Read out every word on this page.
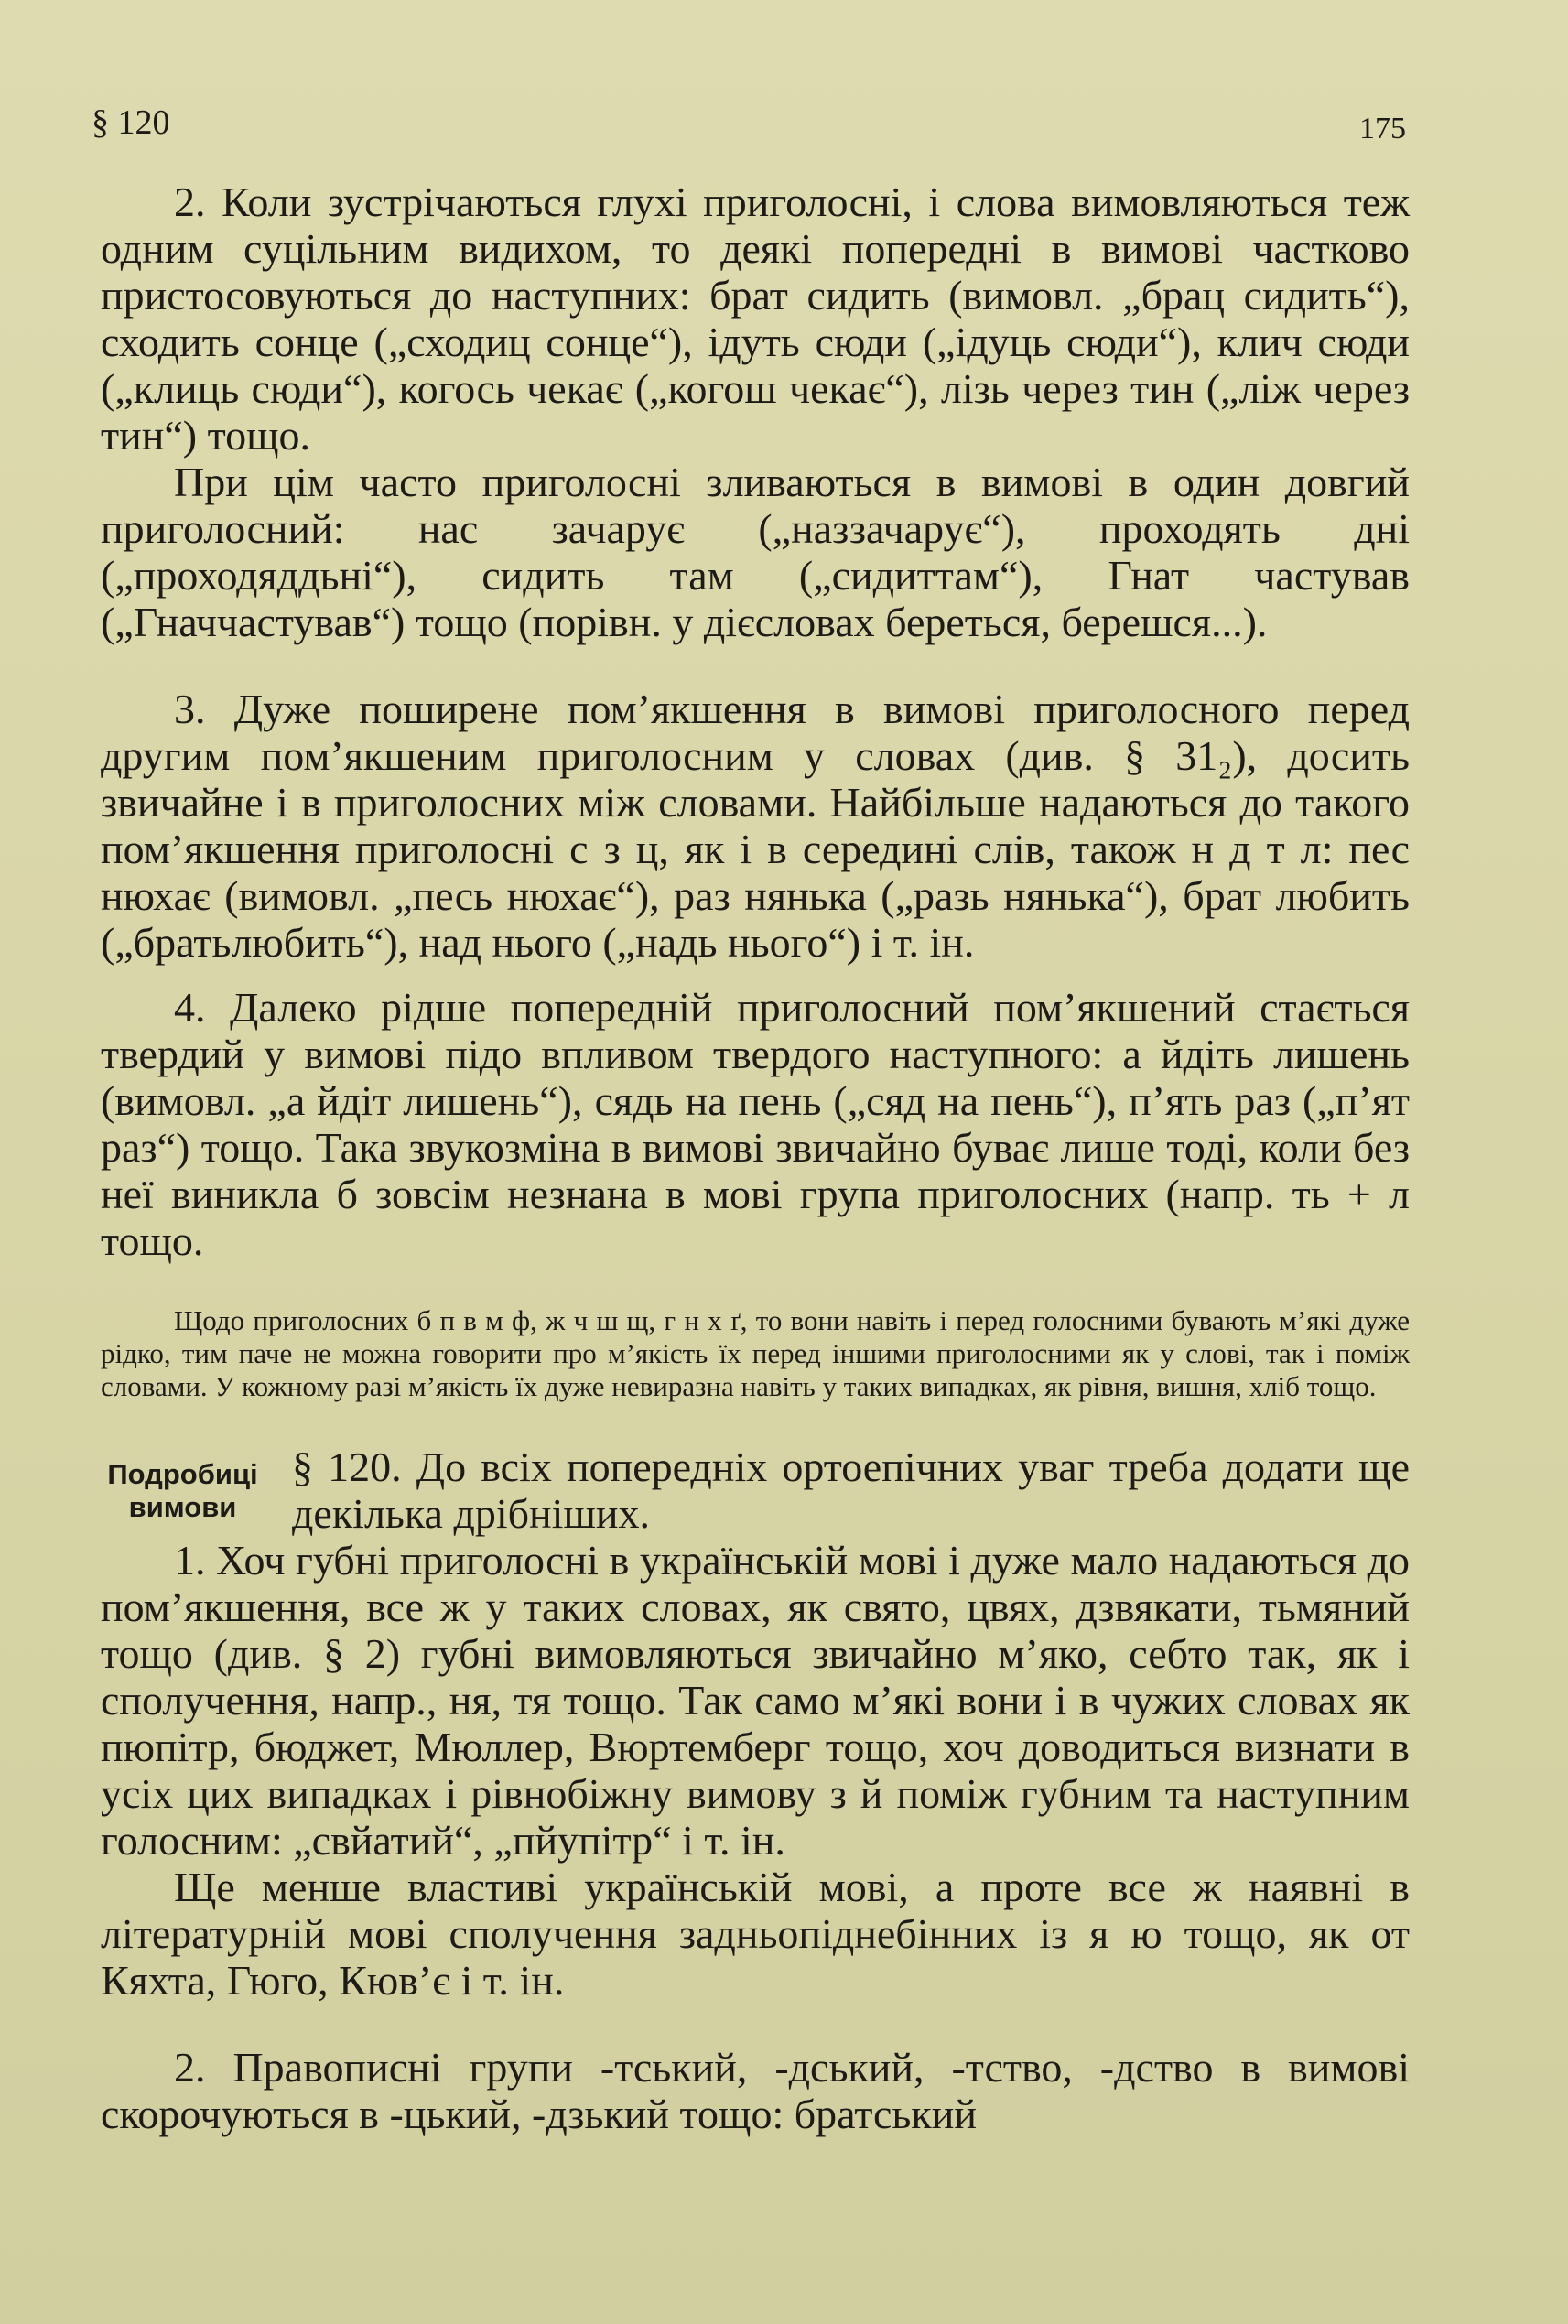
§ 120	175

2. Коли зустрічаються глухі приголосні, і слова вимовляються теж одним суцільним видихом, то деякі попередні в вимові частково пристосовуються до наступних: брат сидить (вимовл. „брац сидить“), сходить сонце („сходиц сонце“), ідуть сюди („ідуць сюди“), клич сюди („клиць сюди“), когось чекає („когош чекає“), лізь через тин („ліж через тин“) тощо.

При цім часто приголосні зливаються в вимові в один довгий приголосний: нас зачарує („наззачарує“), проходять дні („проходяддьні“), сидить там („сидиттам“), Гнат частував („Гначчастував“) тощо (порівн. у дієсловах береться, берешся...).

3. Дуже поширене пом’якшення в вимові приголосного перед другим пом’якшеним приголосним у словах (див. § 31₂), досить звичайне і в приголосних між словами. Найбільше надаються до такого пом’якшення приголосні с з ц, як і в середині слів, також н д т л: пес нюхає (вимовл. „песь нюхає“), раз нянька („разь нянька“), брат любить („братьлюбить“), над нього („надь нього“) і т. ін.

4. Далеко рідше попередній приголосний пом’якшений стається твердий у вимові підо впливом твердого наступного: а йдіть лишень (вимовл. „а йдіт лишень“), сядь на пень („сяд на пень“), п’ять раз („п’ят раз“) тощо. Така звукозміна в вимові звичайно буває лише тоді, коли без неї виникла б зовсім незнана в мові група приголосних (напр. ть + л тощо.

Щодо приголосних б п в м ф, ж ч ш щ, г н х ґ, то вони навіть і перед голосними бувають м’які дуже рідко, тим паче не можна говорити про м’якість їх перед іншими приголосними як у слові, так і поміж словами. У кожному разі м’якість їх дуже невиразна навіть у таких випадках, як рівня, вишня, хліб тощо.

Подробиці вимови

§ 120. До всіх попередніх ортоепічних уваг треба додати ще декілька дрібніших.

1. Хоч губні приголосні в українській мові і дуже мало надаються до пом’якшення, все ж у таких словах, як свято, цвях, дзвякати, тьмяний тощо (див. § 2) губні вимовляються звичайно м’яко, себто так, як і сполучення, напр., ня, тя тощо. Так само м’які вони і в чужих словах як пюпітр, бюджет, Мюллер, Вюртемберг тощо, хоч доводиться визнати в усіх цих випадках і рівнобіжну вимову з й поміж губним та наступним голосним: „свйатий“, „пйупітр“ і т. ін.

Ще менше властиві українській мові, а проте все ж наявні в літературній мові сполучення задньопіднебінних із я ю тощо, як от Кяхта, Гюго, Кюв’є і т. ін.

2. Правописні групи -тський, -дський, -тство, -дство в вимові скорочуються в -цький, -дзький тощо: братський
